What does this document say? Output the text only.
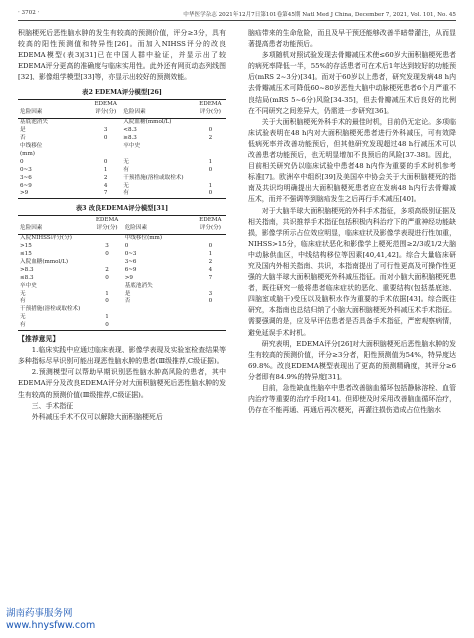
· 3702 ·	中华医学杂志 2021年12月7日第101卷第45期 Natl Med J China, December 7, 2021, Vol. 101, No. 45

积脑梗死后恶性脑水肿的发生有较高的预测价值，评分≥3分，具有较高的阳性预测值和特异性[26]。而加入NIHSS评分的改良EDEMA模型(表3)[31]已在中国人群中验证，并显示出了较EDEMA评分更高的准确度与临床实用性。此外还有网页动态列线图[32]、影像组学模型[33]等，亦显示出较好的预测效能。

表2 EDEMA评分模型[26]
危险因素	EDEMA评分(分)	危险因素	EDEMA评分(分)
基底池消失		入院血糖(mmol/L)	
是	3	<8.3	0
否	0	≥8.3	2
中线移位		卒中史	
(mm)			
0	0	无	1
0~3	1	有	0
3~6	2	干预措施(溶栓或取栓术)	
6~9	4	无	1
>9	7	有	0
表3 改良EDEMA评分模型[31]
危险因素	EDEMA评分(分)	危险因素	EDEMA评分(分)
入院NIHSS评分(分)		中线移位(mm)	
>15	3	0	0
≤15	0	0~3	1
入院血糖(mmol/L)		3~6	2
>8.3	2	6~9	4
≤8.3	0	>9	7
卒中史		基底池消失	
无	1	是	3
有	0	否	0
干预措施(溶栓或取栓术)			
无	1		
有	0		

【推荐意见】

1.临床实践中应通过临床表现、影像学表现及实验室检查结果等多种指标尽早识别可能出现恶性脑水肿的患者(Ⅲ级推荐,C级证据)。

2.预测模型可以帮助早期识别恶性脑水肿高风险的患者，其中EDEMA评分及改良EDEMA评分对大面积脑梗死后恶性脑水肿的发生有较高的预测价值(Ⅲ级推荐,C级证据)。

三、手术指征

外科减压手术不仅可以解除大面积脑梗死后

脑疝带来的生命危险，而且及早干预还能够改善半暗带灌注，从而显著提高患者功能预后。

多项随机对照试验发现去骨瓣减压术使≤60岁大面积脑梗死患者的病死率降低一半，55%的存活患者可在术后1年达到较好的功能预后(mRS 2~3分)[34]。而对于60岁以上患者，研究发现发病48 h内去骨瓣减压术可降低60~80岁恶性大脑中动脉梗死患者6个月严重不良结局(mRS 5~6分)风险[34-35]，但去骨瓣减压术后良好的比例在不同研究之间差异大，仍需进一步研究[36]。

关于大面积脑梗死外科手术的最佳时机，目前仍无定论。多项临床试验表明在48 h内对大面积脑梗死患者进行外科减压，可有效降低病死率并改善功能预后，但其他研究发现超过48 h行减压术可以改善患者功能预后，也无明显增加不良预后的风险[37-38]。因此，目前相关研究仍以临床试验中患者48 h内作为重要的手术时机参考标准[7]。欧洲卒中组织[39]及美国卒中协会关于大面积脑梗死的指南及共识均明确提出大面积脑梗死患者应在发病48 h内行去骨瓣减压术，而并不强调等到脑疝发生之后再行手术减压[40]。

对于大脑半球大面积脑梗死的外科手术指征，多项高级别证据及相关指南，共识推荐手术指征包括积极内科治疗下的严重神经功能缺损，影像学所示占位效应明显，临床症状及影像学表现进行性加重，NIHSS>15分，临床症状恶化和影像学上梗死范围≥2/3或1/2大脑中动脉供血区，中线结构移位等因素[40,41,42]。综合大量临床研究及国内外相关指南、共识，本指南提出了可行性更高及可操作性更强的大脑半球大面积脑梗死外科减压指征。而对小脑大面积脑梗死患者，既往研究一般将患者临床症状的恶化、重要结构(包括基底池、四脑室或脑干)受压以及脑积水作为重要的手术依据[43]。综合既往研究，本指南也总结归纳了小脑大面积脑梗死外科减压术手术指征。需要强调的是，应及早评估患者是否具备手术指征，严密观察病情，避免延误手术时机。

研究表明，EDEMA评分[26]对大面积脑梗死后恶性脑水肿的发生有较高的预测价值，评分≥3分者，阳性预测值为54%，特异度达69.8%。改良EDEMA模型表现出了更高的预测精确度，其评分≥6分者即有84.9%的特异度[31]。

目前，急性缺血性脑卒中患者改善脑血循环包括静脉溶栓、血管内治疗等重要的治疗手段[14]。但即使及时采用改善脑血循环治疗，仍存在不能再通、再通后再次梗死，再灌注损伤造成占位性脑水

湖南药事服务网
www.hnysfww.com
